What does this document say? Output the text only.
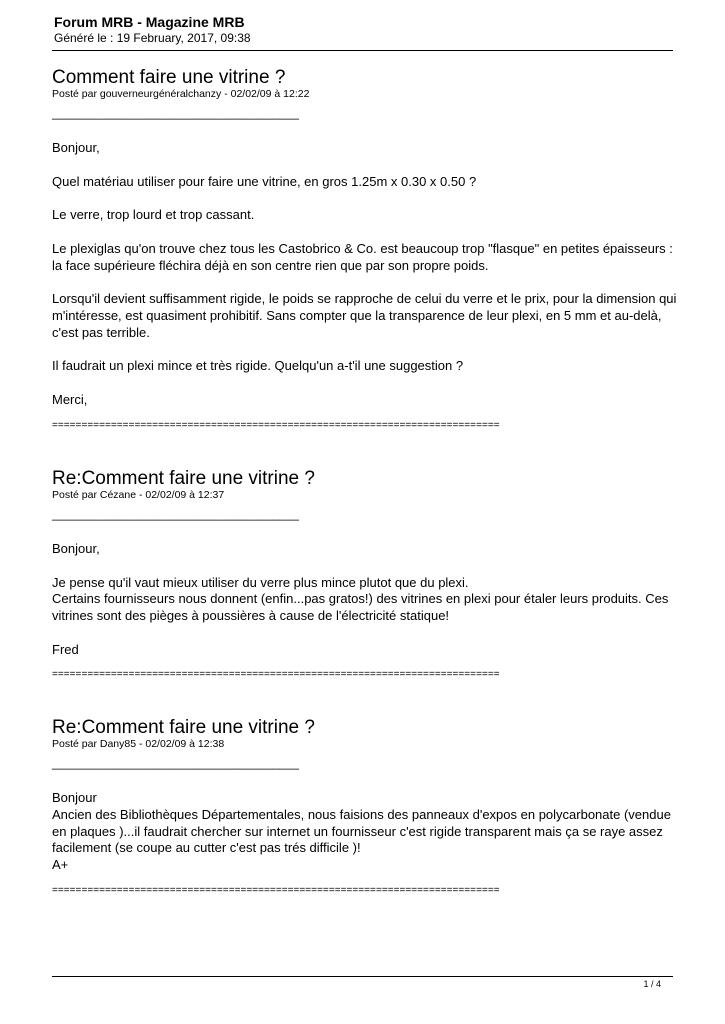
Forum MRB - Magazine MRB
Généré le : 19 February, 2017, 09:38
Comment faire une vitrine ?
Posté par gouverneurgénéralchanzy - 02/02/09 à 12:22
_____________________________________

Bonjour,

Quel matériau utiliser pour faire une vitrine, en gros 1.25m x 0.30 x 0.50 ?

Le verre, trop lourd et trop cassant.

Le plexiglas qu'on trouve chez tous les Castobrico & Co. est beaucoup trop "flasque" en petites épaisseurs : la face supérieure fléchira déjà en son centre rien que par son propre poids.

Lorsqu'il devient suffisamment rigide, le poids se rapproche de celui du verre et le prix, pour la dimension qui m'intéresse, est quasiment prohibitif. Sans compter que la transparence de leur plexi, en 5 mm et au-delà, c'est pas terrible.

Il faudrait un plexi mince et très rigide. Quelqu'un a-t'il une suggestion ?

Merci,

============================================================================
Re:Comment faire une vitrine ?
Posté par Cézane - 02/02/09 à 12:37
_____________________________________

Bonjour,

Je pense qu'il vaut mieux utiliser du verre plus mince plutot que du plexi.
Certains fournisseurs nous donnent (enfin...pas gratos!) des vitrines en plexi pour étaler leurs produits. Ces vitrines sont des pièges à poussières à cause de l'électricité statique!

Fred

============================================================================
Re:Comment faire une vitrine ?
Posté par Dany85 - 02/02/09 à 12:38
_____________________________________

Bonjour
Ancien des Bibliothèques Départementales, nous faisions des panneaux d'expos en polycarbonate (vendue en plaques )...il faudrait chercher sur internet un fournisseur c'est rigide transparent mais ça se raye assez facilement (se coupe au cutter c'est pas trés difficile )!
A+

============================================================================
1 / 4
